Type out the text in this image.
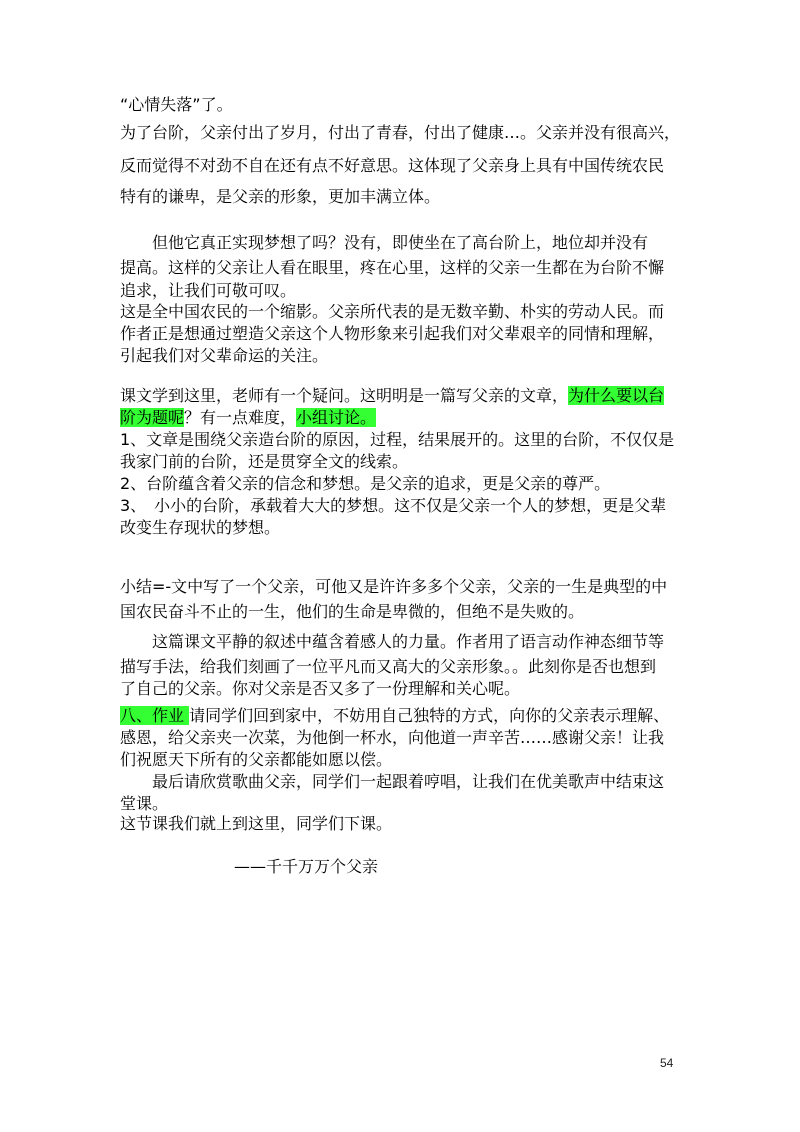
“心情失落”了。
为了台阶，父亲付出了岁月，付出了青春，付出了健康…。父亲并没有很高兴，
反而觉得不对劲不自在还有点不好意思。这体现了父亲身上具有中国传统农民
特有的谦卑，是父亲的形象，更加丰满立体。
　　但他它真正实现梦想了吗？没有，即使坐在了高台阶上，地位却并没有
提高。这样的父亲让人看在眼里，疼在心里，这样的父亲一生都在为台阶不懈
追求，让我们可敬可叹。
这是全中国农民的一个缩影。父亲所代表的是无数辛勤、朴实的劳动人民。而
作者正是想通过塑造父亲这个人物形象来引起我们对父辈艰辛的同情和理解，
引起我们对父辈命运的关注。
课文学到这里，老师有一个疑问。这明明是一篇写父亲的文章，为什么要以台
阶为题呢？有一点难度，小组讨论。
1、文章是围绕父亲造台阶的原因，过程，结果展开的。这里的台阶，不仅仅是
我家门前的台阶，还是贯穿全文的线索。
2、台阶蕴含着父亲的信念和梦想。是父亲的追求，更是父亲的尊严。
3、　小小的台阶，承载着大大的梦想。这不仅是父亲一个人的梦想，更是父辈
改变生存现状的梦想。
小结=-文中写了一个父亲，可他又是许许多多个父亲，父亲的一生是典型的中
国农民奋斗不止的一生，他们的生命是卑微的，但绝不是失败的。
　　这篇课文平静的叙述中蕴含着感人的力量。作者用了语言动作神态细节等
描写手法，给我们刻画了一位平凡而又高大的父亲形象。。此刻你是否也想到
了自己的父亲。你对父亲是否又多了一份理解和关心呢。
八、作业 请同学们回到家中，不妨用自己独特的方式，向你的父亲表示理解、
感恩，给父亲夹一次菜，为他倒一杯水，向他道一声辛苦……感谢父亲！让我
们祝愿天下所有的父亲都能如愿以偿。
　　最后请欣赏歌曲父亲，同学们一起跟着哼唱，让我们在优美歌声中结束这
堂课。
这节课我们就上到这里，同学们下课。
　　　——千千万万个父亲
54
